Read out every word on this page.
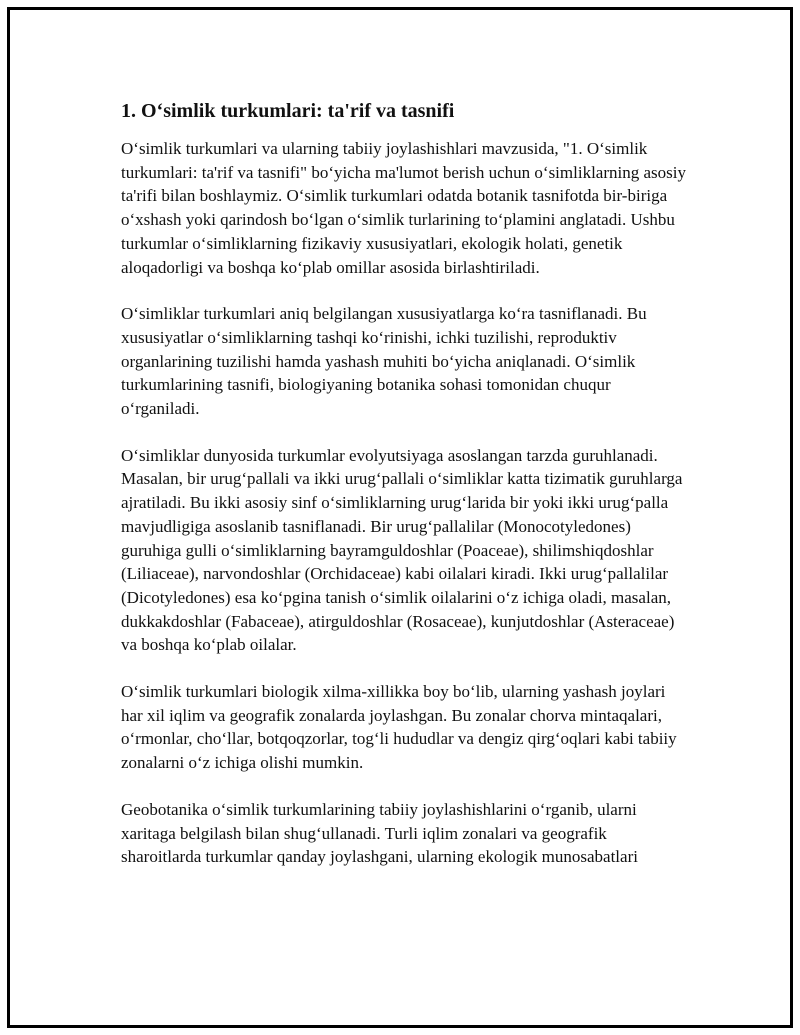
1. O‘simlik turkumlari: ta'rif va tasnifi

O‘simlik turkumlari va ularning tabiiy joylashishlari mavzusida, "1. O‘simlik turkumlari: ta'rif va tasnifi" bo‘yicha ma'lumot berish uchun o‘simliklarning asosiy ta'rifi bilan boshlaymiz. O‘simlik turkumlari odatda botanik tasnifotda bir-biriga o‘xshash yoki qarindosh bo‘lgan o‘simlik turlarining to‘plamini anglatadi. Ushbu turkumlar o‘simliklarning fizikaviy xususiyatlari, ekologik holati, genetik aloqadorligi va boshqa ko‘plab omillar asosida birlashtiriladi.

O‘simliklar turkumlari aniq belgilangan xususiyatlarga ko‘ra tasniflanadi. Bu xususiyatlar o‘simliklarning tashqi ko‘rinishi, ichki tuzilishi, reproduktiv organlarining tuzilishi hamda yashash muhiti bo‘yicha aniqlanadi. O‘simlik turkumlarining tasnifi, biologiyaning botanika sohasi tomonidan chuqur o‘rganiladi.

O‘simliklar dunyosida turkumlar evolyutsiyaga asoslangan tarzda guruhlanadi. Masalan, bir urug‘pallali va ikki urug‘pallali o‘simliklar katta tizimatik guruhlarga ajratiladi. Bu ikki asosiy sinf o‘simliklarning urug‘larida bir yoki ikki urug‘palla mavjudligiga asoslanib tasniflanadi. Bir urug‘pallalilar (Monocotyledones) guruhiga gulli o‘simliklarning bayramguldoshlar (Poaceae), shilimshiqdoshlar (Liliaceae), narvondoshlar (Orchidaceae) kabi oilalari kiradi. Ikki urug‘pallalilar (Dicotyledones) esa ko‘pgina tanish o‘simlik oilalarini o‘z ichiga oladi, masalan, dukkakdoshlar (Fabaceae), atirguldoshlar (Rosaceae), kunjutdoshlar (Asteraceae) va boshqa ko‘plab oilalar.

O‘simlik turkumlari biologik xilma-xillikka boy bo‘lib, ularning yashash joylari har xil iqlim va geografik zonalarda joylashgan. Bu zonalar chorva mintaqalari, o‘rmonlar, cho‘llar, botqoqzorlar, tog‘li hududlar va dengiz qirg‘oqlari kabi tabiiy zonalarni o‘z ichiga olishi mumkin.

Geobotanika o‘simlik turkumlarining tabiiy joylashishlarini o‘rganib, ularni xaritaga belgilash bilan shug‘ullanadi. Turli iqlim zonalari va geografik sharoitlarda turkumlar qanday joylashgani, ularning ekologik munosabatlari
